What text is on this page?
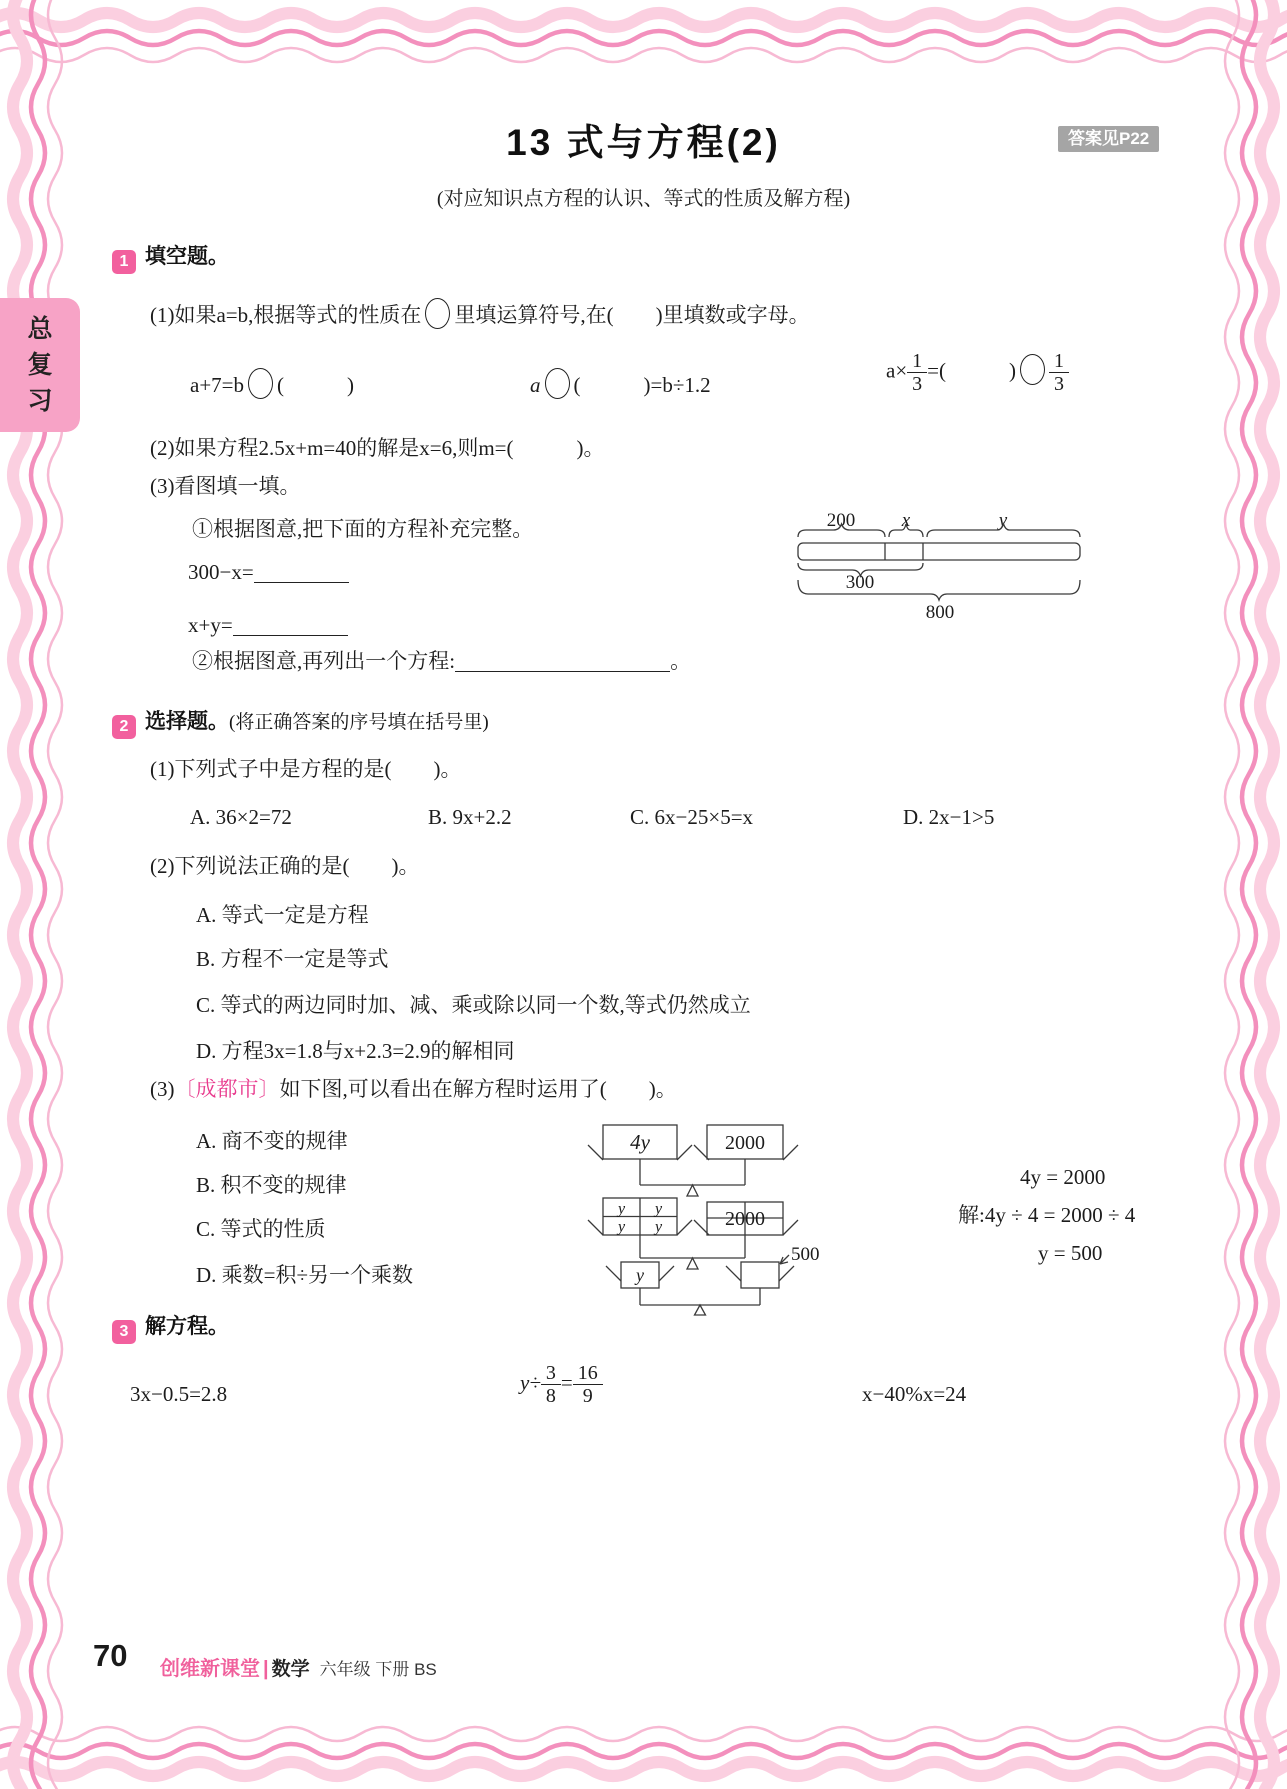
总复习
13 式与方程(2)	答案见P22
(对应知识点方程的认识、等式的性质及解方程)
1 填空题。
(1)如果a=b,根据等式的性质在 里填运算符号,在(　　)里填数或字母。
a+7=b (　　　)	a (　　　)=b÷1.2
$a\times \frac{1}{3}$ =(　　　) $\frac{1}{3}$
(2)如果方程2.5x+m=40的解是x=6,则m=(　　　)。
(3)看图填一填。
①根据图意,把下面的方程补充完整。
300−x=
x+y=
②根据图意,再列出一个方程:	。
200 x	y
300
800
2 选择题。(将正确答案的序号填在括号里)
(1)下列式子中是方程的是(　　)。
A. 36×2=72	B. 9x+2.2	C. 6x−25×5=x	D. 2x−1>5
(2)下列说法正确的是(　　)。
A. 等式一定是方程
B. 方程不一定是等式
C. 等式的两边同时加、减、乘或除以同一个数,等式仍然成立
D. 方程3x=1.8与x+2.3=2.9的解相同
(3)〔成都市〕如下图,可以看出在解方程时运用了(　　)。
A. 商不变的规律
B. 积不变的规律
C. 等式的性质
D. 乘数=积÷另一个乘数
4y	2000
y y
y y	2000
y
500
4y = 2000
解:4y ÷ 4 = 2000 ÷ 4
y = 500
3 解方程。
3x−0.5=2.8	$y\div \frac{3}{8} = \frac{16}{9}$	x−40%x=24
70 创维新课堂 | 数学 六年级 下册 BS
